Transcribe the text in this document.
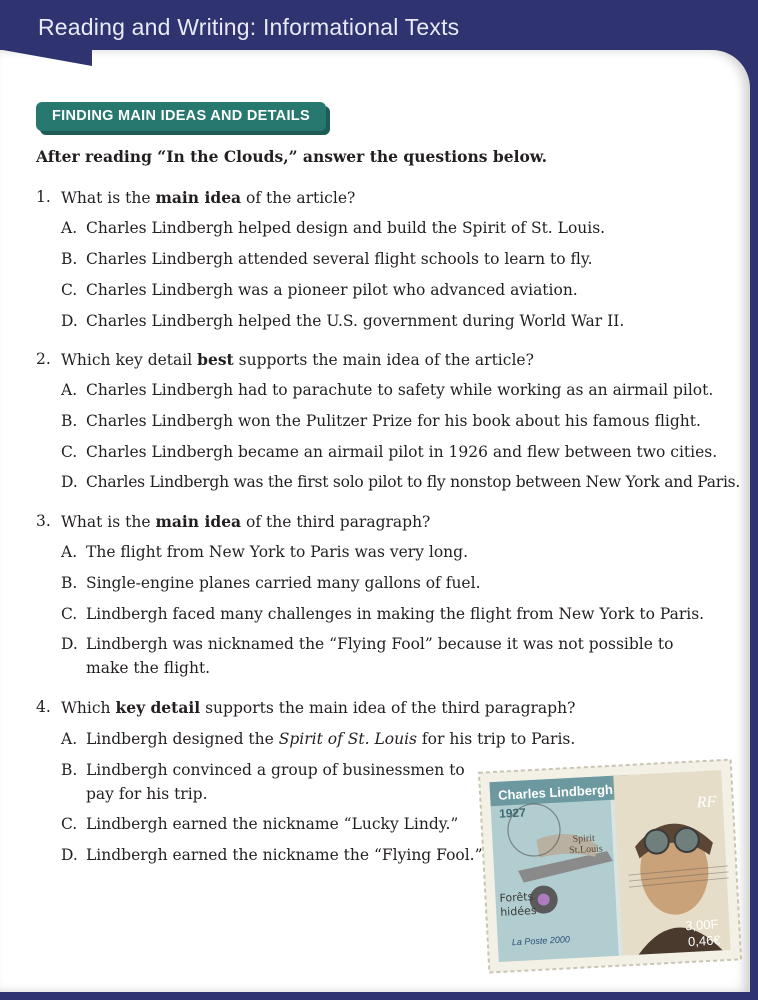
Reading and Writing: Informational Texts
FINDING MAIN IDEAS AND DETAILS
After reading “In the Clouds,” answer the questions below.
1. What is the main idea of the article?
A. Charles Lindbergh helped design and build the Spirit of St. Louis.
B. Charles Lindbergh attended several flight schools to learn to fly.
C. Charles Lindbergh was a pioneer pilot who advanced aviation.
D. Charles Lindbergh helped the U.S. government during World War II.
2. Which key detail best supports the main idea of the article?
A. Charles Lindbergh had to parachute to safety while working as an airmail pilot.
B. Charles Lindbergh won the Pulitzer Prize for his book about his famous flight.
C. Charles Lindbergh became an airmail pilot in 1926 and flew between two cities.
D. Charles Lindbergh was the first solo pilot to fly nonstop between New York and Paris.
3. What is the main idea of the third paragraph?
A. The flight from New York to Paris was very long.
B. Single-engine planes carried many gallons of fuel.
C. Lindbergh faced many challenges in making the flight from New York to Paris.
D. Lindbergh was nicknamed the “Flying Fool” because it was not possible to make the flight.
4. Which key detail supports the main idea of the third paragraph?
A. Lindbergh designed the Spirit of St. Louis for his trip to Paris.
B. Lindbergh convinced a group of businessmen to pay for his trip.
C. Lindbergh earned the nickname “Lucky Lindy.”
D. Lindbergh earned the nickname the “Flying Fool.”
Charles Lindbergh
1927
RF
Spirit
St.Louis
Forêts
hidées
La Poste 2000
3,00F
0,46€
